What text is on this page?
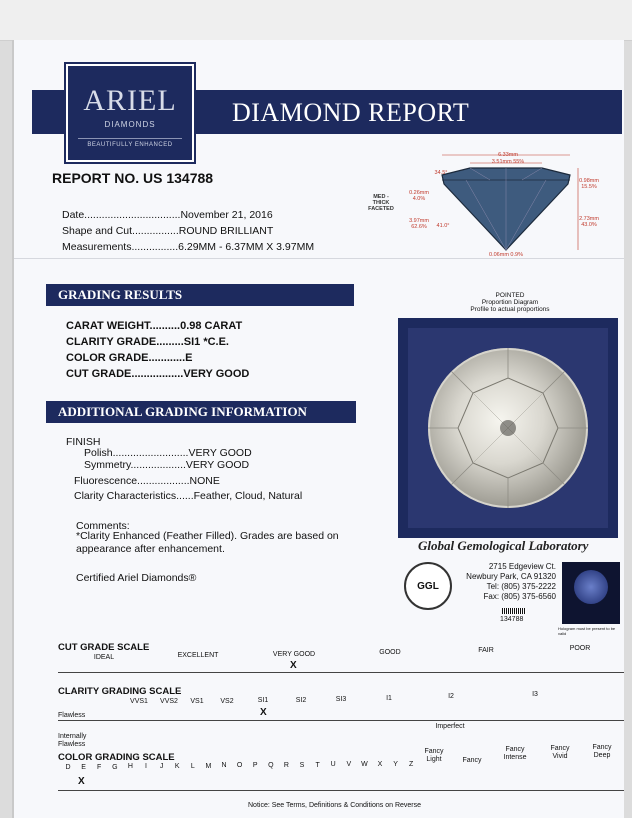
DIAMOND REPORT
ARIEL
DIAMONDS
BEAUTIFULLY ENHANCED
REPORT NO. US 134788
Date.................................November 21, 2016
Shape and Cut................ROUND BRILLIANT
Measurements................6.29MM - 6.37MM X 3.97MM
6.33mm
3.51mm 55%
34.5°
MED -
THICK
FACETED
0.26mm
4.0%
3.97mm
62.6%	41.0°
0.98mm
15.5%
2.73mm
43.0%
0.06mm 0.9%
POINTED
Proportion Diagram
Profile to actual proportions
GRADING RESULTS
CARAT WEIGHT..........0.98 CARAT
CLARITY GRADE.........SI1 *C.E.
COLOR GRADE............E
CUT GRADE.................VERY GOOD
ADDITIONAL GRADING INFORMATION
FINISH
Polish..........................VERY GOOD
Symmetry...................VERY GOOD
Fluorescence..................NONE
Clarity Characteristics......Feather, Cloud, Natural
Comments:
*Clarity Enhanced (Feather Filled). Grades are based on
appearance after enhancement.	Global Gemological Laboratory
Certified Ariel Diamonds®
GGL
2715 Edgeview Ct.
Newbury Park, CA 91320
Tel: (805) 375-2222
Fax: (805) 375-6560
134788
Hologram must be present to be valid
CUT GRADE SCALE
IDEAL	EXCELLENT	VERY GOOD	GOOD	FAIR	POOR
X
CLARITY GRADING SCALE
VVS1	VVS2	VS1	VS2	SI1	SI2	SI3	I1	I2	I3
Flawless	X
Imperfect
Internally
Flawless
COLOR GRADING SCALE
D	E	F	G	H	I	J	K	L	M	N	O	P	Q	R	S	T	U	V	W	X	Y	Z
Fancy
Light	Fancy
Fancy
Intense
Fancy
Vivid
Fancy
Deep
X
Notice: See Terms, Definitions & Conditions on Reverse
